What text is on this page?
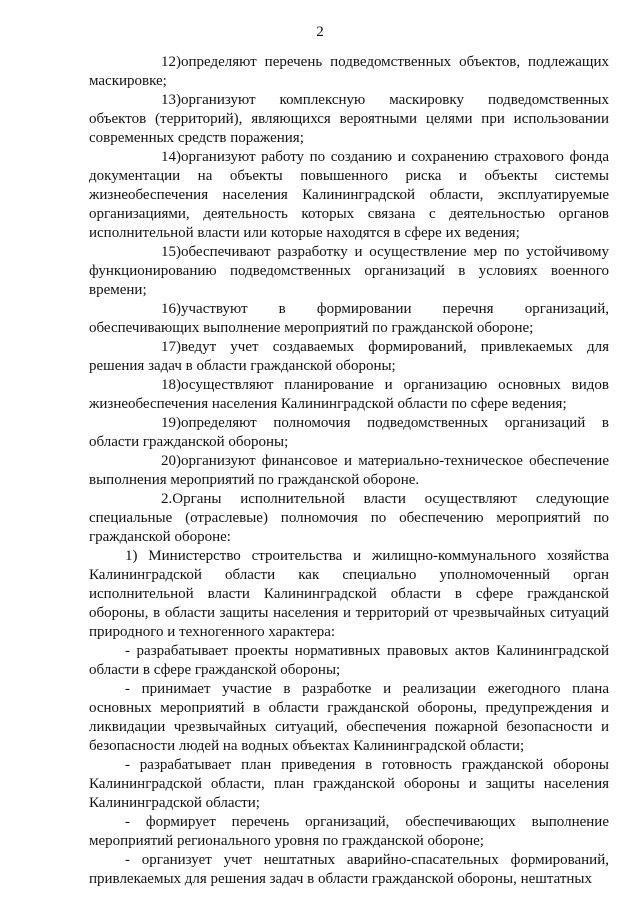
2

12)определяют перечень подведомственных объектов, подлежащих маскировке;

13)организуют комплексную маскировку подведомственных объектов (территорий), являющихся вероятными целями при использовании современных средств поражения;

14)организуют работу по созданию и сохранению страхового фонда документации на объекты повышенного риска и объекты системы жизнеобеспечения населения Калининградской области, эксплуатируемые организациями, деятельность которых связана с деятельностью органов исполнительной власти или которые находятся в сфере их ведения;

15)обеспечивают разработку и осуществление мер по устойчивому функционированию подведомственных организаций в условиях военного времени;

16)участвуют в формировании перечня организаций, обеспечивающих выполнение мероприятий по гражданской обороне;

17)ведут учет создаваемых формирований, привлекаемых для решения задач в области гражданской обороны;

18)осуществляют планирование и организацию основных видов жизнеобеспечения населения Калининградской области по сфере ведения;

19)определяют полномочия подведомственных организаций в области гражданской обороны;

20)организуют финансовое и материально-техническое обеспечение выполнения мероприятий по гражданской обороне.

2.Органы исполнительной власти осуществляют следующие специальные (отраслевые) полномочия по обеспечению мероприятий по гражданской обороне:

1) Министерство строительства и жилищно-коммунального хозяйства Калининградской области как специально уполномоченный орган исполнительной власти Калининградской области в сфере гражданской обороны, в области защиты населения и территорий от чрезвычайных ситуаций природного и техногенного характера:

- разрабатывает проекты нормативных правовых актов Калининградской области в сфере гражданской обороны;

- принимает участие в разработке и реализации ежегодного плана основных мероприятий в области гражданской обороны, предупреждения и ликвидации чрезвычайных ситуаций, обеспечения пожарной безопасности и безопасности людей на водных объектах Калининградской области;

- разрабатывает план приведения в готовность гражданской обороны Калининградской области, план гражданской обороны и защиты населения Калининградской области;

- формирует перечень организаций, обеспечивающих выполнение мероприятий регионального уровня по гражданской обороне;

- организует учет нештатных аварийно-спасательных формирований, привлекаемых для решения задач в области гражданской обороны, нештатных
